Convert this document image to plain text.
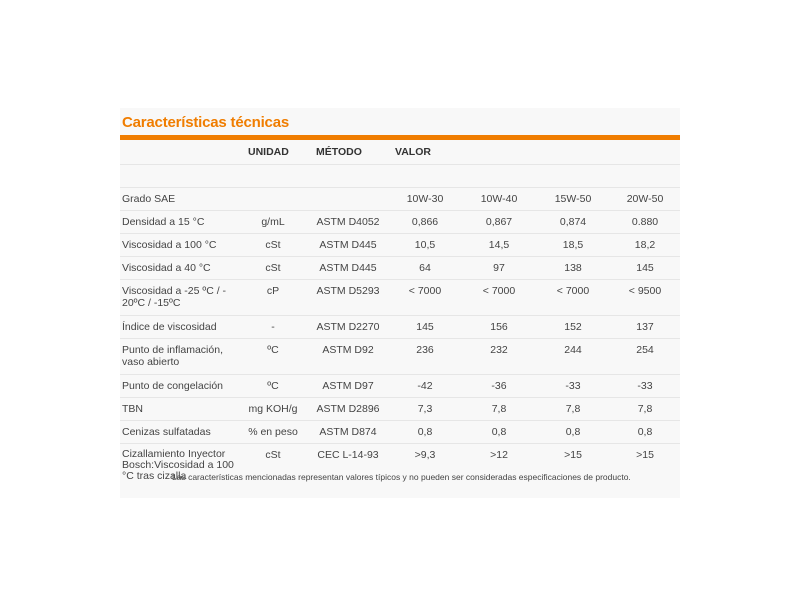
Características técnicas
	UNIDAD	MÉTODO	VALOR			

Grado SAE			10W-30	10W-40	15W-50	20W-50
Densidad a 15 °C	g/mL	ASTM D4052	0,866	0,867	0,874	0.880
Viscosidad a 100 °C	cSt	ASTM D445	10,5	14,5	18,5	18,2
Viscosidad a 40 °C	cSt	ASTM D445	64	97	138	145
Viscosidad a -25 ºC / - 20ºC / -15ºC	cP	ASTM D5293	< 7000	< 7000	< 7000	< 9500
Índice de viscosidad	-	ASTM D2270	145	156	152	137
Punto de inflamación, vaso abierto	ºC	ASTM D92	236	232	244	254
Punto de congelación	ºC	ASTM D97	-42	-36	-33	-33
TBN	mg KOH/g	ASTM D2896	7,3	7,8	7,8	7,8
Cenizas sulfatadas	% en peso	ASTM D874	0,8	0,8	0,8	0,8
Cizallamiento Inyector Bosch:Viscosidad a 100 °C tras cizalla	cSt	CEC L-14-93	>9,3	>12	>15	>15
Las características mencionadas representan valores típicos y no pueden ser consideradas especificaciones de producto.
